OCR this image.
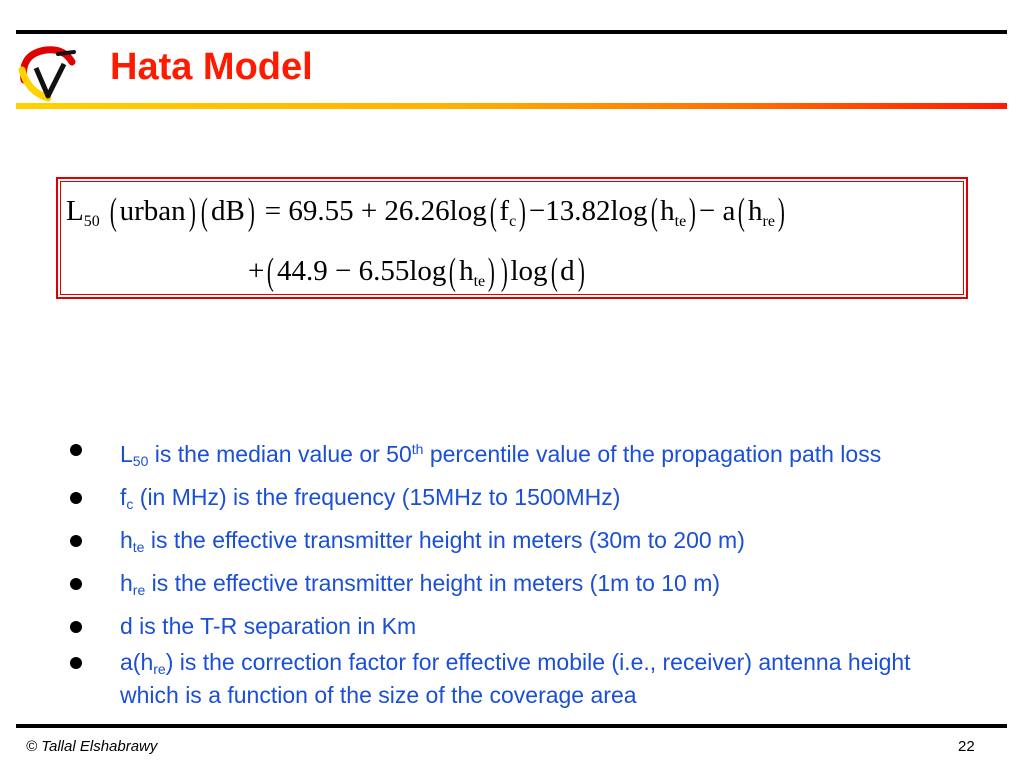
Hata Model
$L_{50}$ (urban) $(dB) = 69.55 + 26.26\log(f_c)-13.82\log(h_{te})- a(h_{re})$
$+(44.9 - 6.55\log(h_{te})$ )log(d)
$L_{50}$ is the median value or 50th percentile value of the propagation path loss
$f_c$ (in MHz) is the frequency (15MHz to 1500MHz)
$h_{te}$ is the effective transmitter height in meters (30m to 200 m)
$h_{re}$ is the effective transmitter height in meters (1m to 10 m)
d is the T-R separation in Km
$a(h_{re})$ is the correction factor for effective mobile (i.e., receiver) antenna height which is a function of the size of the coverage area
© Tallal Elshabrawy	22
